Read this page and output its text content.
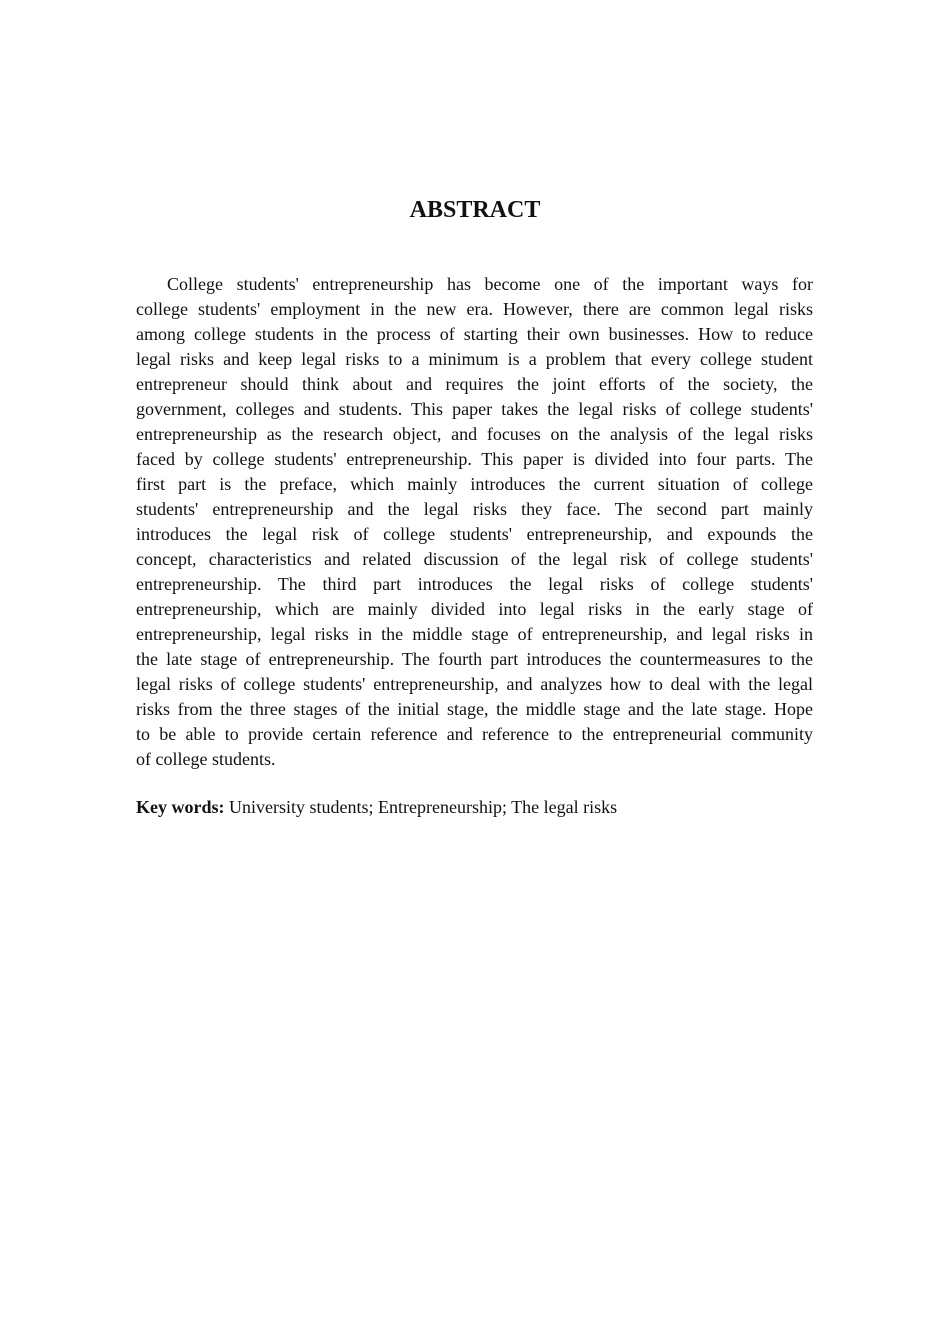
ABSTRACT
College students' entrepreneurship has become one of the important ways for
college students' employment in the new era. However, there are common legal risks
among college students in the process of starting their own businesses. How to reduce
legal risks and keep legal risks to a minimum is a problem that every college student
entrepreneur should think about and requires the joint efforts of the society, the
government, colleges and students. This paper takes the legal risks of college students'
entrepreneurship as the research object, and focuses on the analysis of the legal risks
faced by college students' entrepreneurship. This paper is divided into four parts. The
first part is the preface, which mainly introduces the current situation of college
students' entrepreneurship and the legal risks they face. The second part mainly
introduces the legal risk of college students' entrepreneurship, and expounds the
concept, characteristics and related discussion of the legal risk of college students'
entrepreneurship. The third part introduces the legal risks of college students'
entrepreneurship, which are mainly divided into legal risks in the early stage of
entrepreneurship, legal risks in the middle stage of entrepreneurship, and legal risks in
the late stage of entrepreneurship. The fourth part introduces the countermeasures to the
legal risks of college students' entrepreneurship, and analyzes how to deal with the legal
risks from the three stages of the initial stage, the middle stage and the late stage. Hope
to be able to provide certain reference and reference to the entrepreneurial community
of college students.
Key words: University students; Entrepreneurship; The legal risks
